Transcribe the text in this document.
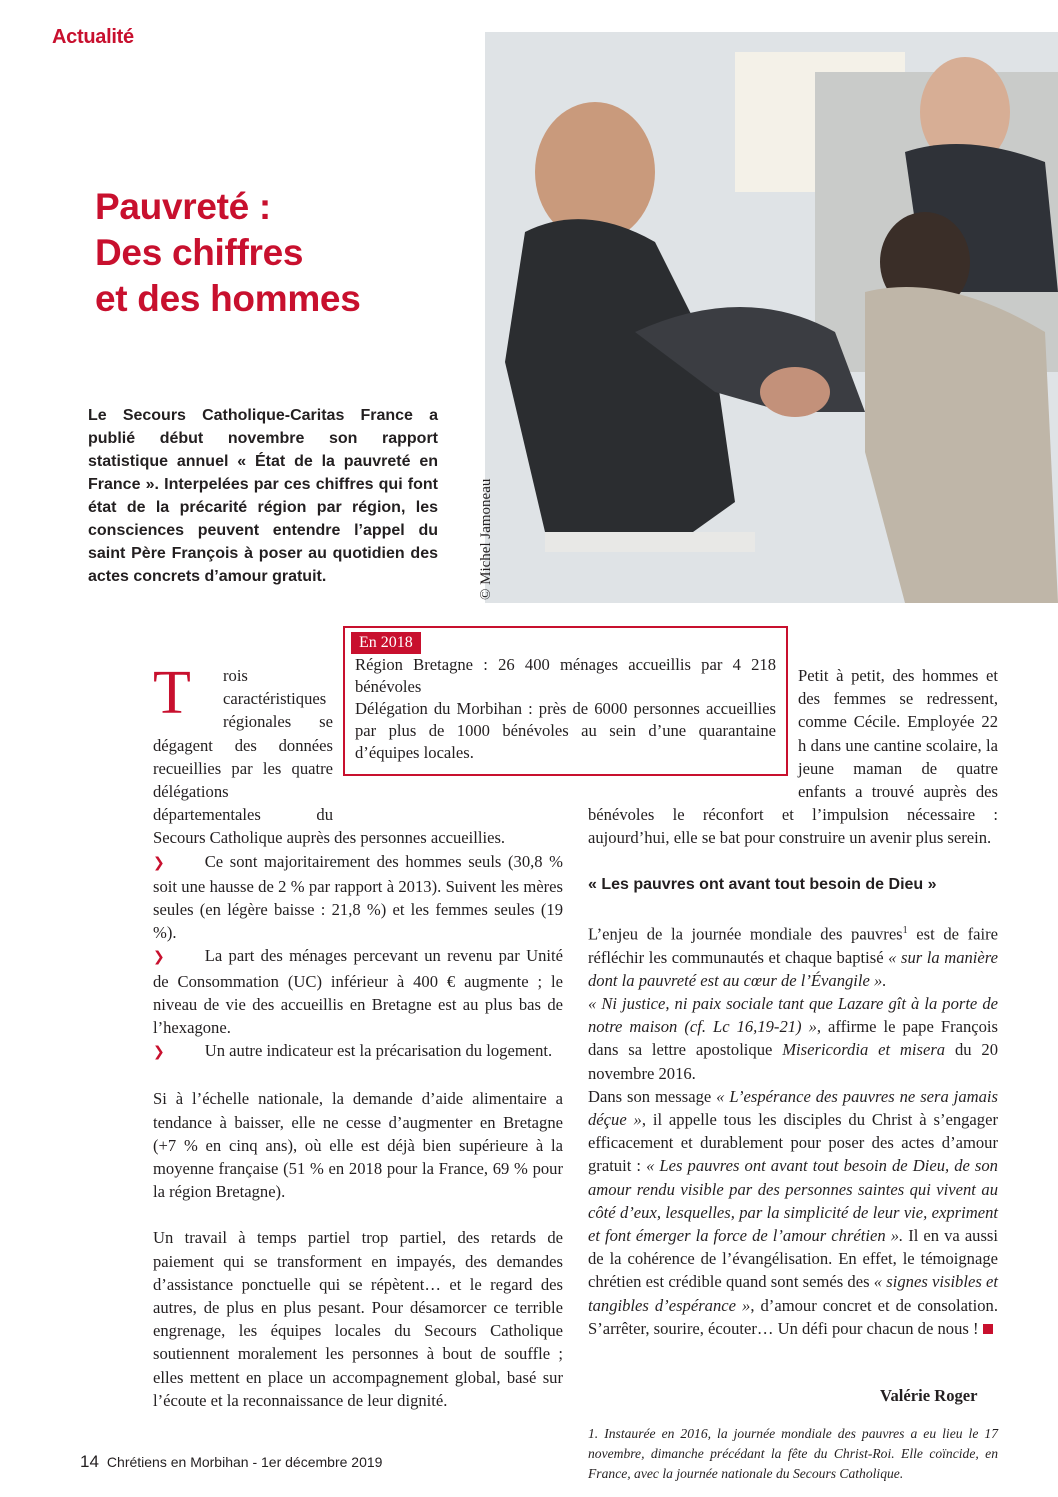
Actualité
Pauvreté :
Des chiffres
et des hommes
© Michel Jamoneau
Le Secours Catholique-Caritas France a publié début novembre son rapport statistique annuel « État de la pauvreté en France ». Interpelées par ces chiffres qui font état de la précarité région par région, les consciences peuvent entendre l’appel du saint Père François à poser au quotidien des actes concrets d’amour gratuit.
En 2018
Région Bretagne : 26 400 ménages accueillis par 4 218 bénévoles
Délégation du Morbihan : près de 6000 personnes accueillies par plus de 1000 bénévoles au sein d’une quarantaine d’équipes locales.
T	rois caractéristiques régionales se dégagent des données recueillies par les quatre délégations départementales du Secours Catholique auprès des personnes accueillies.

❯ Ce sont majoritairement des hommes seuls (30,8 % soit une hausse de 2 % par rapport à 2013). Suivent les mères seules (en légère baisse : 21,8 %) et les femmes seules (19 %).

❯ La part des ménages percevant un revenu par Unité de Consommation (UC) inférieur à 400 € augmente ; le niveau de vie des accueillis en Bretagne est au plus bas de l’hexagone.

❯ Un autre indicateur est la précarisation du logement.

Si à l’échelle nationale, la demande d’aide alimentaire a tendance à baisser, elle ne cesse d’augmenter en Bretagne (+7 % en cinq ans), où elle est déjà bien supérieure à la moyenne française (51 % en 2018 pour la France, 69 % pour la région Bretagne).

Un travail à temps partiel trop partiel, des retards de paiement qui se transforment en impayés, des demandes d’assistance ponctuelle qui se répètent… et le regard des autres, de plus en plus pesant. Pour désamorcer ce terrible engrenage, les équipes locales du Secours Catholique soutiennent moralement les personnes à bout de souffle ; elles mettent en place un accompagnement global, basé sur l’écoute et la reconnaissance de leur dignité.

Petit à petit, des hommes et des femmes se redressent, comme Cécile. Employée 22 h dans une cantine scolaire, la jeune maman de quatre enfants a trouvé auprès des bénévoles le réconfort et l’impulsion nécessaire : aujourd’hui, elle se bat pour construire un avenir plus serein.

« Les pauvres ont avant tout besoin de Dieu »

L’enjeu de la journée mondiale des pauvres$^1$ est de faire réfléchir les communautés et chaque baptisé « sur la manière dont la pauvreté est au cœur de l’Évangile ».

« Ni justice, ni paix sociale tant que Lazare gît à la porte de notre maison (cf. Lc 16,19-21) », affirme le pape François dans sa lettre apostolique Misericordia et misera du 20 novembre 2016.

Dans son message « L’espérance des pauvres ne sera jamais déçue », il appelle tous les disciples du Christ à s’engager efficacement et durablement pour poser des actes d’amour gratuit : « Les pauvres ont avant tout besoin de Dieu, de son amour rendu visible par des personnes saintes qui vivent au côté d’eux, lesquelles, par la simplicité de leur vie, expriment et font émerger la force de l’amour chrétien ». Il en va aussi de la cohérence de l’évangélisation. En effet, le témoignage chrétien est crédible quand sont semés des « signes visibles et tangibles d’espérance », d’amour concret et de consolation. S’arrêter, sourire, écouter… Un défi pour chacun de nous !

Valérie Roger
1. Instaurée en 2016, la journée mondiale des pauvres a eu lieu le 17 novembre, dimanche précédant la fête du Christ-Roi. Elle coïncide, en France, avec la journée nationale du Secours Catholique.
14 Chrétiens en Morbihan - 1er décembre 2019
